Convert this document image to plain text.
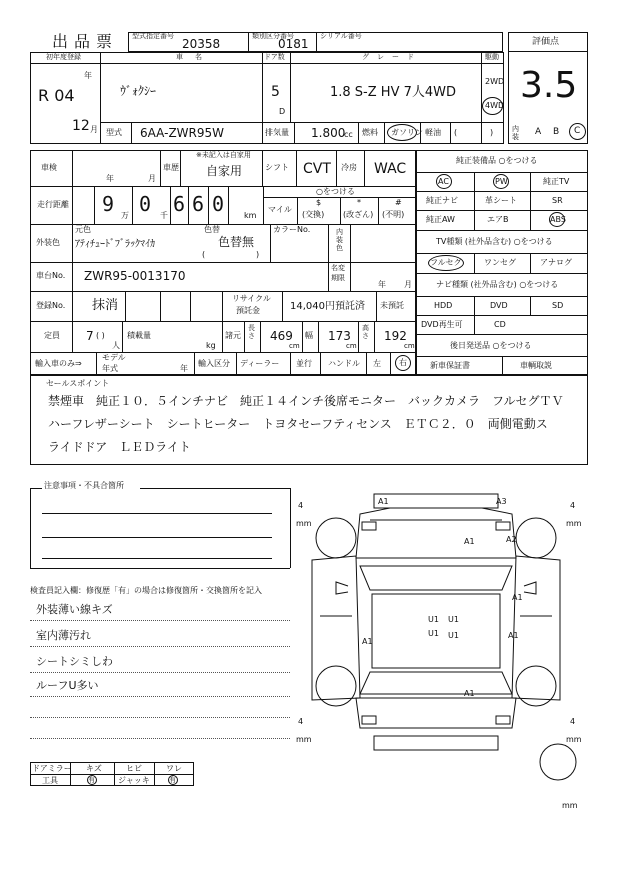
出品票 型式指定番号
20358
類別区分番号
0181
シリアル番号
評価点
3.5
初年度登録
R 04
年
12 月
車名
ｳﾞｫｸｼｰ
ドア数
5
D
グレード
1.8 S-Z HV 7人4WD
駆動
2WD
4WD
型式 6AA-ZWR95W	排気量 1.800
cc 燃料 ガソリン 軽油 (	)	内装	A B C
車検
年	月
車歴
※未記入は自家用
自家用	シフト CVT 冷房 WAC
走行距離 9 万 0 千 6 6 0 km
○をつける
マイル
$
(交換)
*
(改ざん)
#
(不明)
外装色
元色
ｱﾃｨﾁｭｰﾄﾞﾌﾞﾗｯｸﾏｲｶ
色替
色替無
(	)
カラーNo.	内装色
車台No. ZWR95-0013170
名変
期限
年 月
登録No. 抹消	リサイクル
預託金	14,040円預託済 未預託
定員 7 ( )
人
積載量
kg
諸元
長さ 469
cm
幅 173
cm
高さ 192
cm
輸入車のみ⇒
モデル
年式	年
輸入区分 ディーラー 並行 ハンドル 左 右
純正装備品 ○をつける
AC	PW	純正TV
純正ナビ	革シート	SR
純正AW	エアB	ABS
TV種類 (社外品含む) ○をつける
フルセグ	ワンセグ	アナログ
ナビ種類 (社外品含む) ○をつける
HDD	DVD	SD
DVD再生可	CD
後日発送品 ○をつける
新車保証書	車輌取説
セールスポイント
禁煙車　純正１０．５インチナビ　純正１４インチ後席モニター　バックカメラ　フルセグＴＶ
ハーフレザーシート　シートヒーター　トヨタセーフティセンス　ＥＴＣ２．０　両側電動ス
ライドドア　ＬＥＤライト
注意事項・不具合箇所
検査員記入欄：修復歴「有」の場合は修復箇所・交換箇所を記入
外装薄い線キズ
室内薄汚れ
シートシミしわ
ルーフU多い
ドアミラー キズ	ヒビ	ワレ
工具	有	ジャッキ	有
4
mm
4
mm
4
mm
4
mm
mm
A1	A3
A1	A2
A1
U1 U1
U1 U1
A1
A1
A1
